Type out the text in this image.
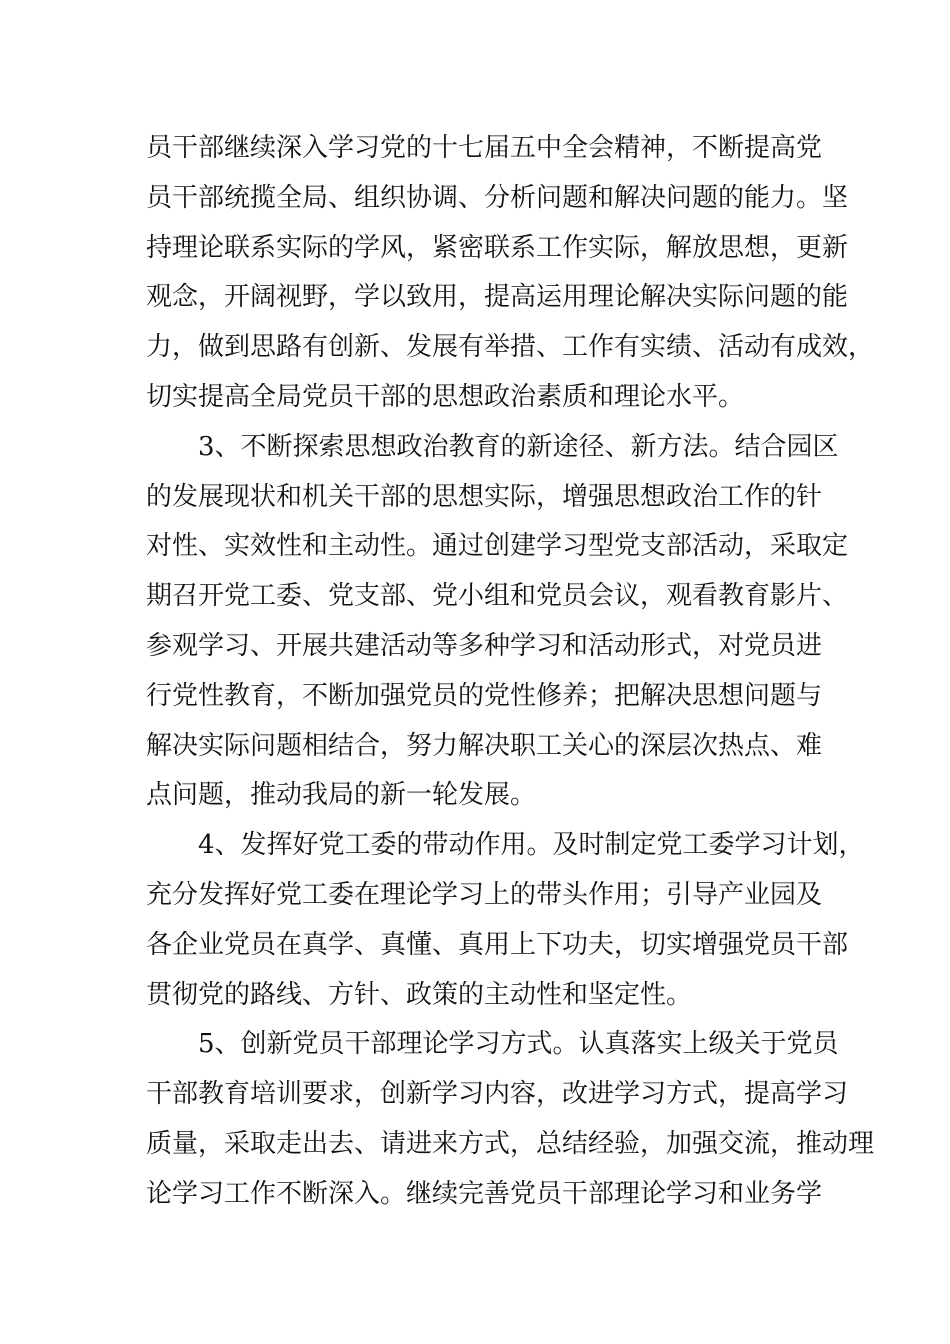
员干部继续深入学习党的十七届五中全会精神，不断提高党
员干部统揽全局、组织协调、分析问题和解决问题的能力。坚
持理论联系实际的学风，紧密联系工作实际，解放思想，更新
观念，开阔视野，学以致用，提高运用理论解决实际问题的能
力，做到思路有创新、发展有举措、工作有实绩、活动有成效，
切实提高全局党员干部的思想政治素质和理论水平。
3、不断探索思想政治教育的新途径、新方法。结合园区
的发展现状和机关干部的思想实际，增强思想政治工作的针
对性、实效性和主动性。通过创建学习型党支部活动，采取定
期召开党工委、党支部、党小组和党员会议，观看教育影片、
参观学习、开展共建活动等多种学习和活动形式，对党员进
行党性教育，不断加强党员的党性修养；把解决思想问题与
解决实际问题相结合，努力解决职工关心的深层次热点、难
点问题，推动我局的新一轮发展。
4、发挥好党工委的带动作用。及时制定党工委学习计划，
充分发挥好党工委在理论学习上的带头作用；引导产业园及
各企业党员在真学、真懂、真用上下功夫，切实增强党员干部
贯彻党的路线、方针、政策的主动性和坚定性。
5、创新党员干部理论学习方式。认真落实上级关于党员
干部教育培训要求，创新学习内容，改进学习方式，提高学习
质量，采取走出去、请进来方式，总结经验，加强交流，推动理
论学习工作不断深入。继续完善党员干部理论学习和业务学
